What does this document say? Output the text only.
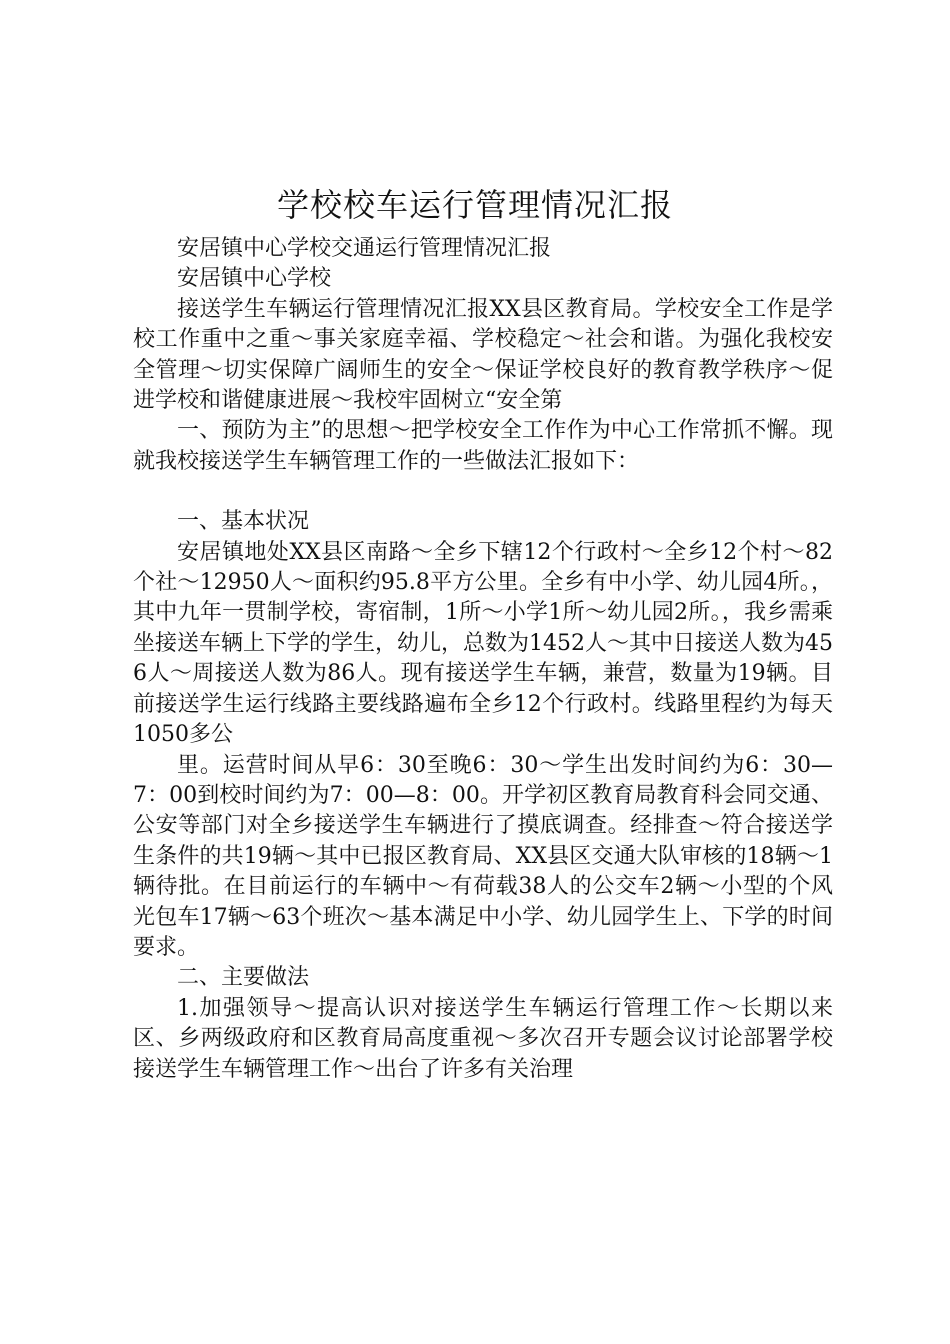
学校校车运行管理情况汇报

安居镇中心学校交通运行管理情况汇报

安居镇中心学校

接送学生车辆运行管理情况汇报XX县区教育局。学校安全工作是学校工作重中之重～事关家庭幸福、学校稳定～社会和谐。为强化我校安全管理～切实保障广阔师生的安全～保证学校良好的教育教学秩序～促进学校和谐健康进展～我校牢固树立“安全第

一、预防为主”的思想～把学校安全工作作为中心工作常抓不懈。现就我校接送学生车辆管理工作的一些做法汇报如下：

一、基本状况

安居镇地处XX县区南路～全乡下辖12个行政村～全乡12个村～82个社～12950人～面积约95.8平方公里。全乡有中小学、幼儿园4所。，其中九年一贯制学校，寄宿制，1所～小学1所～幼儿园2所。，我乡需乘坐接送车辆上下学的学生，幼儿，总数为1452人～其中日接送人数为456人～周接送人数为86人。现有接送学生车辆，兼营，数量为19辆。目前接送学生运行线路主要线路遍布全乡12个行政村。线路里程约为每天1050多公

里。运营时间从早6：30至晚6：30～学生出发时间约为6：30—7：00到校时间约为7：00—8：00。开学初区教育局教育科会同交通、公安等部门对全乡接送学生车辆进行了摸底调查。经排查～符合接送学生条件的共19辆～其中已报区教育局、XX县区交通大队审核的18辆～1辆待批。在目前运行的车辆中～有荷载38人的公交车2辆～小型的个风光包车17辆～63个班次～基本满足中小学、幼儿园学生上、下学的时间要求。

二、主要做法

1.加强领导～提高认识对接送学生车辆运行管理工作～长期以来区、乡两级政府和区教育局高度重视～多次召开专题会议讨论部署学校接送学生车辆管理工作～出台了许多有关治理
